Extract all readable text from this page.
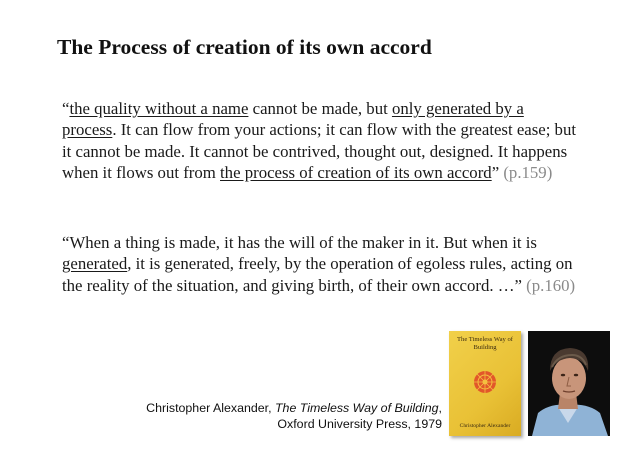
The Process of creation of its own accord
“the quality without a name cannot be made, but only generated by a process. It can flow from your actions; it can flow with the greatest ease; but it cannot be made. It cannot be contrived, thought out, designed. It happens when it flows out from the process of creation of its own accord” (p.159)
“When a thing is made, it has the will of the maker in it. But when it is generated, it is generated, freely, by the operation of egoless rules, acting on the reality of the situation, and giving birth, of their own accord. …” (p.160)
Christopher Alexander, The Timeless Way of Building,
Oxford University Press, 1979
The Timeless Way of Building
Christopher Alexander
